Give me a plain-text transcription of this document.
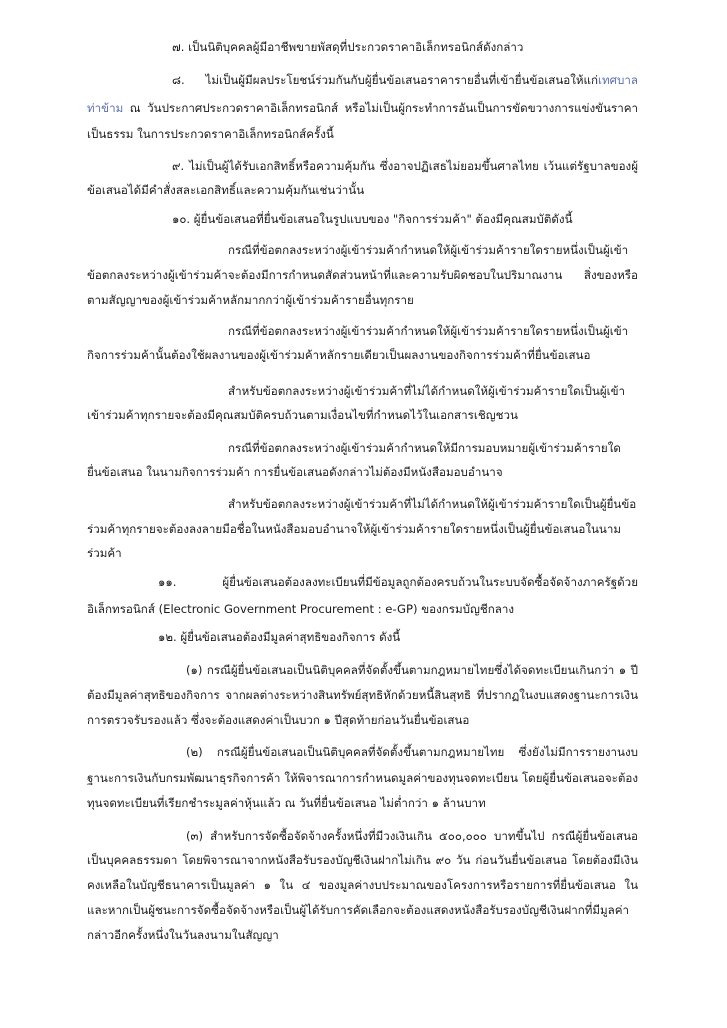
๗. เป็นนิติบุคคลผู้มีอาชีพขายพัสดุที่ประกวดราคาอิเล็กทรอนิกส์ดังกล่าว
๘. ไม่เป็นผู้มีผลประโยชน์ร่วมกันกับผู้ยื่นข้อเสนอราคารายอื่นที่เข้ายื่นข้อเสนอให้แก่เทศบาล
ท่าข้าม ณ วันประกาศประกวดราคาอิเล็กทรอนิกส์ หรือไม่เป็นผู้กระทำการอันเป็นการขัดขวางการแข่งขันราคา
เป็นธรรม ในการประกวดราคาอิเล็กทรอนิกส์ครั้งนี้
๙. ไม่เป็นผู้ได้รับเอกสิทธิ์หรือความคุ้มกัน ซึ่งอาจปฏิเสธไม่ยอมขึ้นศาลไทย เว้นแต่รัฐบาลของผู้
ข้อเสนอได้มีคำสั่งสละเอกสิทธิ์และความคุ้มกันเช่นว่านั้น
๑๐. ผู้ยื่นข้อเสนอที่ยื่นข้อเสนอในรูปแบบของ "กิจการร่วมค้า" ต้องมีคุณสมบัติดังนี้
กรณีที่ข้อตกลงระหว่างผู้เข้าร่วมค้ากำหนดให้ผู้เข้าร่วมค้ารายใดรายหนึ่งเป็นผู้เข้า
ข้อตกลงระหว่างผู้เข้าร่วมค้าจะต้องมีการกำหนดสัดส่วนหน้าที่และความรับผิดชอบในปริมาณงาน สิ่งของหรือ
ตามสัญญาของผู้เข้าร่วมค้าหลักมากกว่าผู้เข้าร่วมค้ารายอื่นทุกราย
กรณีที่ข้อตกลงระหว่างผู้เข้าร่วมค้ากำหนดให้ผู้เข้าร่วมค้ารายใดรายหนึ่งเป็นผู้เข้า
กิจการร่วมค้านั้นต้องใช้ผลงานของผู้เข้าร่วมค้าหลักรายเดียวเป็นผลงานของกิจการร่วมค้าที่ยื่นข้อเสนอ
สำหรับข้อตกลงระหว่างผู้เข้าร่วมค้าที่ไม่ได้กำหนดให้ผู้เข้าร่วมค้ารายใดเป็นผู้เข้า
เข้าร่วมค้าทุกรายจะต้องมีคุณสมบัติครบถ้วนตามเงื่อนไขที่กำหนดไว้ในเอกสารเชิญชวน
กรณีที่ข้อตกลงระหว่างผู้เข้าร่วมค้ากำหนดให้มีการมอบหมายผู้เข้าร่วมค้ารายใด
ยื่นข้อเสนอ ในนามกิจการร่วมค้า การยื่นข้อเสนอดังกล่าวไม่ต้องมีหนังสือมอบอำนาจ
สำหรับข้อตกลงระหว่างผู้เข้าร่วมค้าที่ไม่ได้กำหนดให้ผู้เข้าร่วมค้ารายใดเป็นผู้ยื่นข้อ
ร่วมค้าทุกรายจะต้องลงลายมือชื่อในหนังสือมอบอำนาจให้ผู้เข้าร่วมค้ารายใดรายหนึ่งเป็นผู้ยื่นข้อเสนอในนาม
ร่วมค้า
๑๑. ผู้ยื่นข้อเสนอต้องลงทะเบียนที่มีข้อมูลถูกต้องครบถ้วนในระบบจัดซื้อจัดจ้างภาครัฐด้วย
อิเล็กทรอนิกส์ (Electronic Government Procurement : e-GP) ของกรมบัญชีกลาง
๑๒. ผู้ยื่นข้อเสนอต้องมีมูลค่าสุทธิของกิจการ ดังนี้
(๑) กรณีผู้ยื่นข้อเสนอเป็นนิติบุคคลที่จัดตั้งขึ้นตามกฎหมายไทยซึ่งได้จดทะเบียนเกินกว่า ๑ ปี
ต้องมีมูลค่าสุทธิของกิจการ จากผลต่างระหว่างสินทรัพย์สุทธิหักด้วยหนี้สินสุทธิ ที่ปรากฏในงบแสดงฐานะการเงิน
การตรวจรับรองแล้ว ซึ่งจะต้องแสดงค่าเป็นบวก ๑ ปีสุดท้ายก่อนวันยื่นข้อเสนอ
(๒) กรณีผู้ยื่นข้อเสนอเป็นนิติบุคคลที่จัดตั้งขึ้นตามกฎหมายไทย ซึ่งยังไม่มีการรายงานงบ
ฐานะการเงินกับกรมพัฒนาธุรกิจการค้า ให้พิจารณาการกำหนดมูลค่าของทุนจดทะเบียน โดยผู้ยื่นข้อเสนอจะต้อง
ทุนจดทะเบียนที่เรียกชำระมูลค่าหุ้นแล้ว ณ วันที่ยื่นข้อเสนอ ไม่ต่ำกว่า ๑ ล้านบาท
(๓) สำหรับการจัดซื้อจัดจ้างครั้งหนึ่งที่มีวงเงินเกิน ๕๐๐,๐๐๐ บาทขึ้นไป กรณีผู้ยื่นข้อเสนอ
เป็นบุคคลธรรมดา โดยพิจารณาจากหนังสือรับรองบัญชีเงินฝากไม่เกิน ๙๐ วัน ก่อนวันยื่นข้อเสนอ โดยต้องมีเงิน
คงเหลือในบัญชีธนาคารเป็นมูลค่า ๑ ใน ๔ ของมูลค่างบประมาณของโครงการหรือรายการที่ยื่นข้อเสนอ ใน
และหากเป็นผู้ชนะการจัดซื้อจัดจ้างหรือเป็นผู้ได้รับการคัดเลือกจะต้องแสดงหนังสือรับรองบัญชีเงินฝากที่มีมูลค่า
กล่าวอีกครั้งหนึ่งในวันลงนามในสัญญา
